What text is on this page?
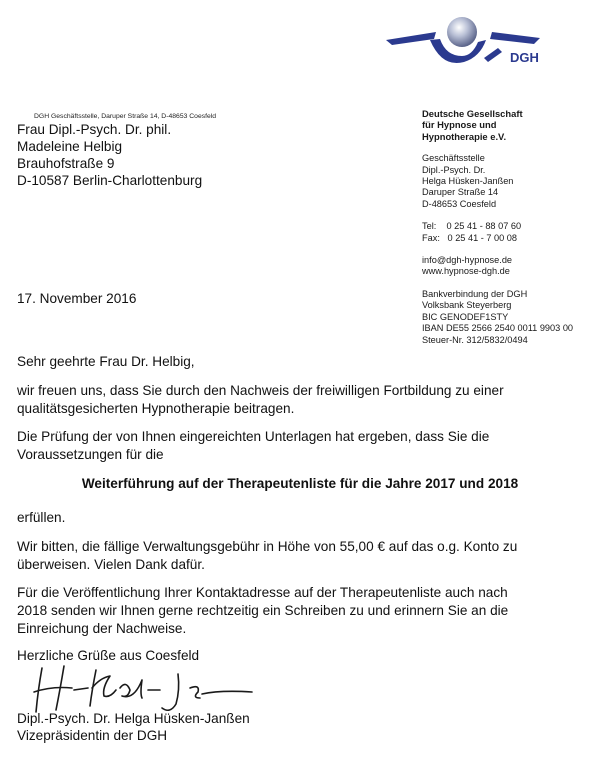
DGH
DGH Geschäftsstelle, Daruper Straße 14, D-48653 Coesfeld
Frau Dipl.-Psych. Dr. phil.
Madeleine Helbig
Brauhofstraße 9
D-10587 Berlin-Charlottenburg
Deutsche Gesellschaft
für Hypnose und
Hypnotherapie e.V.
Geschäftsstelle
Dipl.-Psych. Dr.
Helga Hüsken-Janßen
Daruper Straße 14
D-48653 Coesfeld
Tel:    0 25 41 - 88 07 60
Fax:   0 25 41 - 7 00 08
info@dgh-hypnose.de
www.hypnose-dgh.de
Bankverbindung der DGH
Volksbank Steyerberg
BIC GENODEF1STY
IBAN DE55 2566 2540 0011 9903 00
Steuer-Nr. 312/5832/0494
17. November 2016
Sehr geehrte Frau Dr. Helbig,
wir freuen uns, dass Sie durch den Nachweis der freiwilligen Fortbildung zu einer
qualitätsgesicherten Hypnotherapie beitragen.
Die Prüfung der von Ihnen eingereichten Unterlagen hat ergeben, dass Sie die
Voraussetzungen für die
Weiterführung auf der Therapeutenliste für die Jahre 2017 und 2018
erfüllen.
Wir bitten, die fällige Verwaltungsgebühr in Höhe von 55,00 € auf das o.g. Konto zu
überweisen. Vielen Dank dafür.
Für die Veröffentlichung Ihrer Kontaktadresse auf der Therapeutenliste auch nach
2018 senden wir Ihnen gerne rechtzeitig ein Schreiben zu und erinnern Sie an die
Einreichung der Nachweise.
Herzliche Grüße aus Coesfeld
Dipl.-Psych. Dr. Helga Hüsken-Janßen
Vizepräsidentin der DGH
